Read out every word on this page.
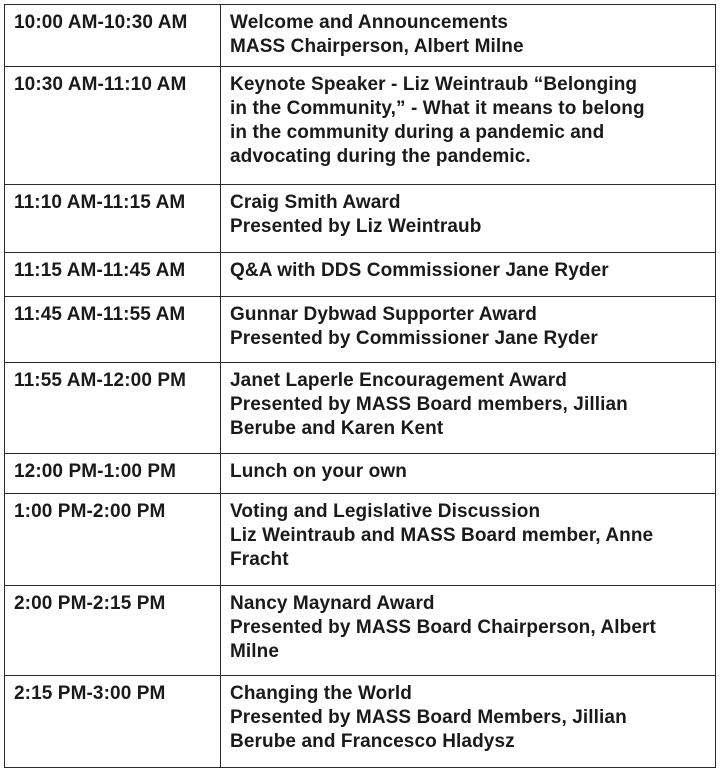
10:00 AM-10:30 AM	Welcome and Announcements
MASS Chairperson, Albert Milne
10:30 AM-11:10 AM	Keynote Speaker - Liz Weintraub “Belonging
in the Community,” - What it means to belong
in the community during a pandemic and
advocating during the pandemic.
11:10 AM-11:15 AM	Craig Smith Award
Presented by Liz Weintraub
11:15 AM-11:45 AM	Q&A with DDS Commissioner Jane Ryder
11:45 AM-11:55 AM	Gunnar Dybwad Supporter Award
Presented by Commissioner Jane Ryder
11:55 AM-12:00 PM	Janet Laperle Encouragement Award
Presented by MASS Board members, Jillian
Berube and Karen Kent
12:00 PM-1:00 PM	Lunch on your own
1:00 PM-2:00 PM	Voting and Legislative Discussion
Liz Weintraub and MASS Board member, Anne
Fracht
2:00 PM-2:15 PM	Nancy Maynard Award
Presented by MASS Board Chairperson, Albert
Milne
2:15 PM-3:00 PM	Changing the World
Presented by MASS Board Members, Jillian
Berube and Francesco Hladysz
